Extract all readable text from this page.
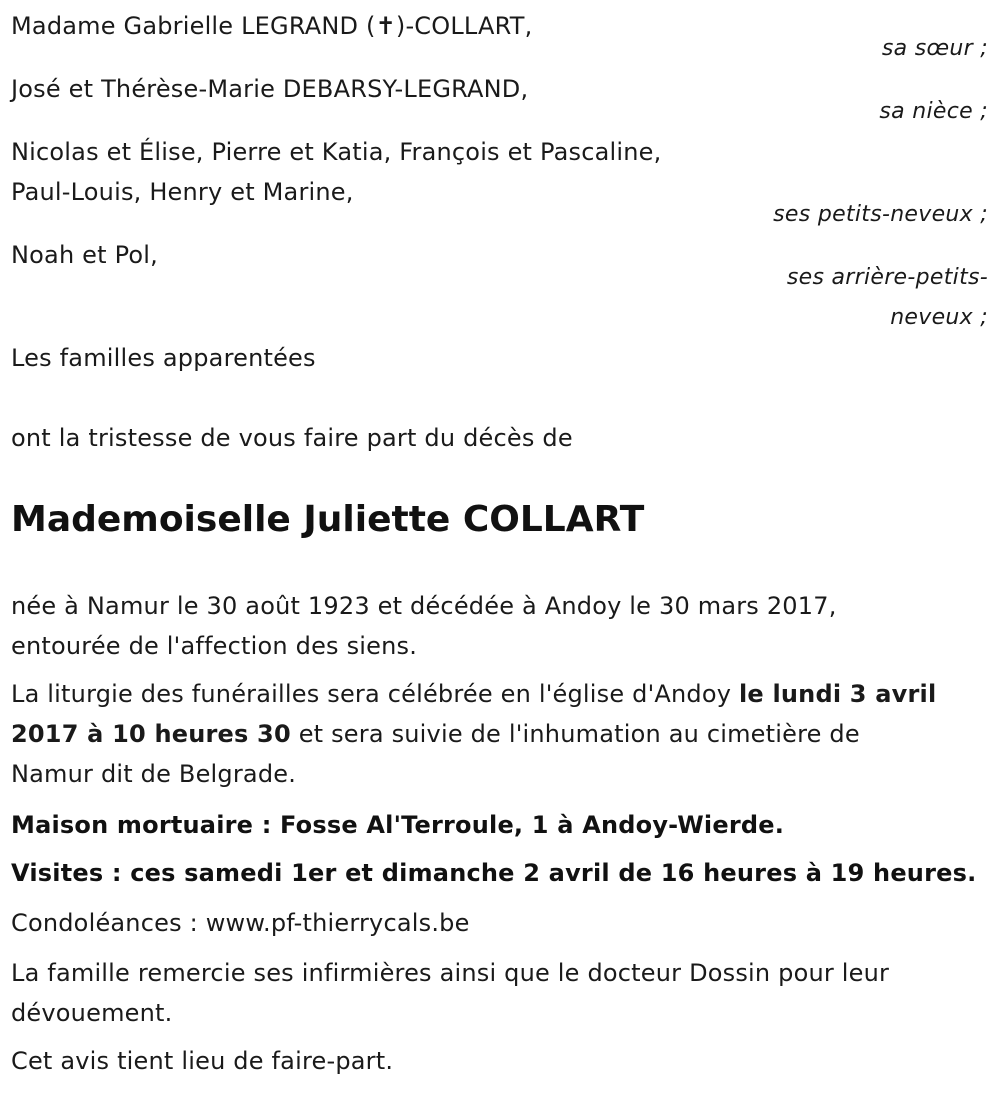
Madame Gabrielle LEGRAND (✝)-COLLART,
sa sœur ;
José et Thérèse-Marie DEBARSY-LEGRAND,
sa nièce ;
Nicolas et Élise, Pierre et Katia, François et Pascaline,
Paul-Louis, Henry et Marine,
ses petits-neveux ;
Noah et Pol,
ses arrière-petits-
neveux ;
Les familles apparentées
ont la tristesse de vous faire part du décès de
Mademoiselle Juliette COLLART
née à Namur le 30 août 1923 et décédée à Andoy le 30 mars 2017,
entourée de l'affection des siens.
La liturgie des funérailles sera célébrée en l'église d'Andoy le lundi 3 avril
2017 à 10 heures 30 et sera suivie de l'inhumation au cimetière de
Namur dit de Belgrade.
Maison mortuaire : Fosse Al'Terroule, 1 à Andoy-Wierde.
Visites : ces samedi 1er et dimanche 2 avril de 16 heures à 19 heures.
Condoléances : www.pf-thierrycals.be
La famille remercie ses infirmières ainsi que le docteur Dossin pour leur
dévouement.
Cet avis tient lieu de faire-part.
